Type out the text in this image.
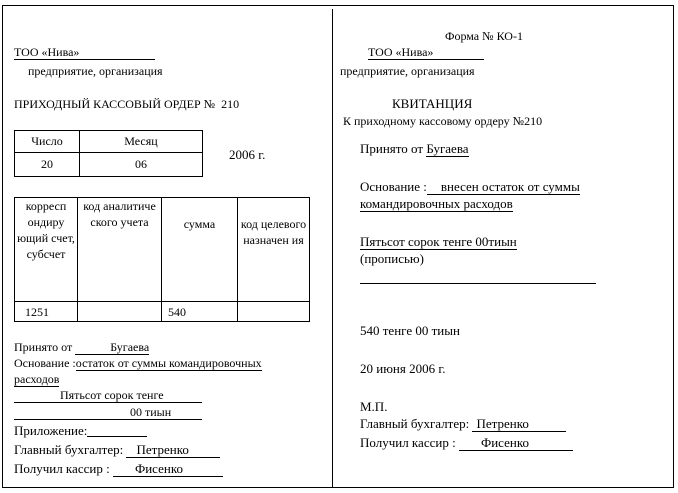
ТОО «Нива»
предприятие, организация
ПРИХОДНЫЙ КАССОВЫЙ ОРДЕР № 210
Число	Месяц
20	06
2006 г.
корресп ондиру ющий счет, субсчет	код аналитиче ского учета	сумма	код целевого назначен ия
1251		540	
Принято от	Бугаева
Основание :остаток от суммы командировочных
расходов
Пятьсот сорок тенге
00 тиын
Приложение:
Главный бухгалтер: Петренко
Получил кассир : Фисенко
Форма № КО-1
ТОО «Нива»
предприятие, организация
КВИТАНЦИЯ
К приходному кассовому ордеру №210
Принято от Бугаева
Основание : внесен остаток от суммы
командировочных расходов
Пятьсот сорок тенге 00тиын
(прописью)
540 тенге 00 тиын
20 июня 2006 г.
М.П.
Главный бухгалтер: Петренко
Получил кассир : Фисенко
